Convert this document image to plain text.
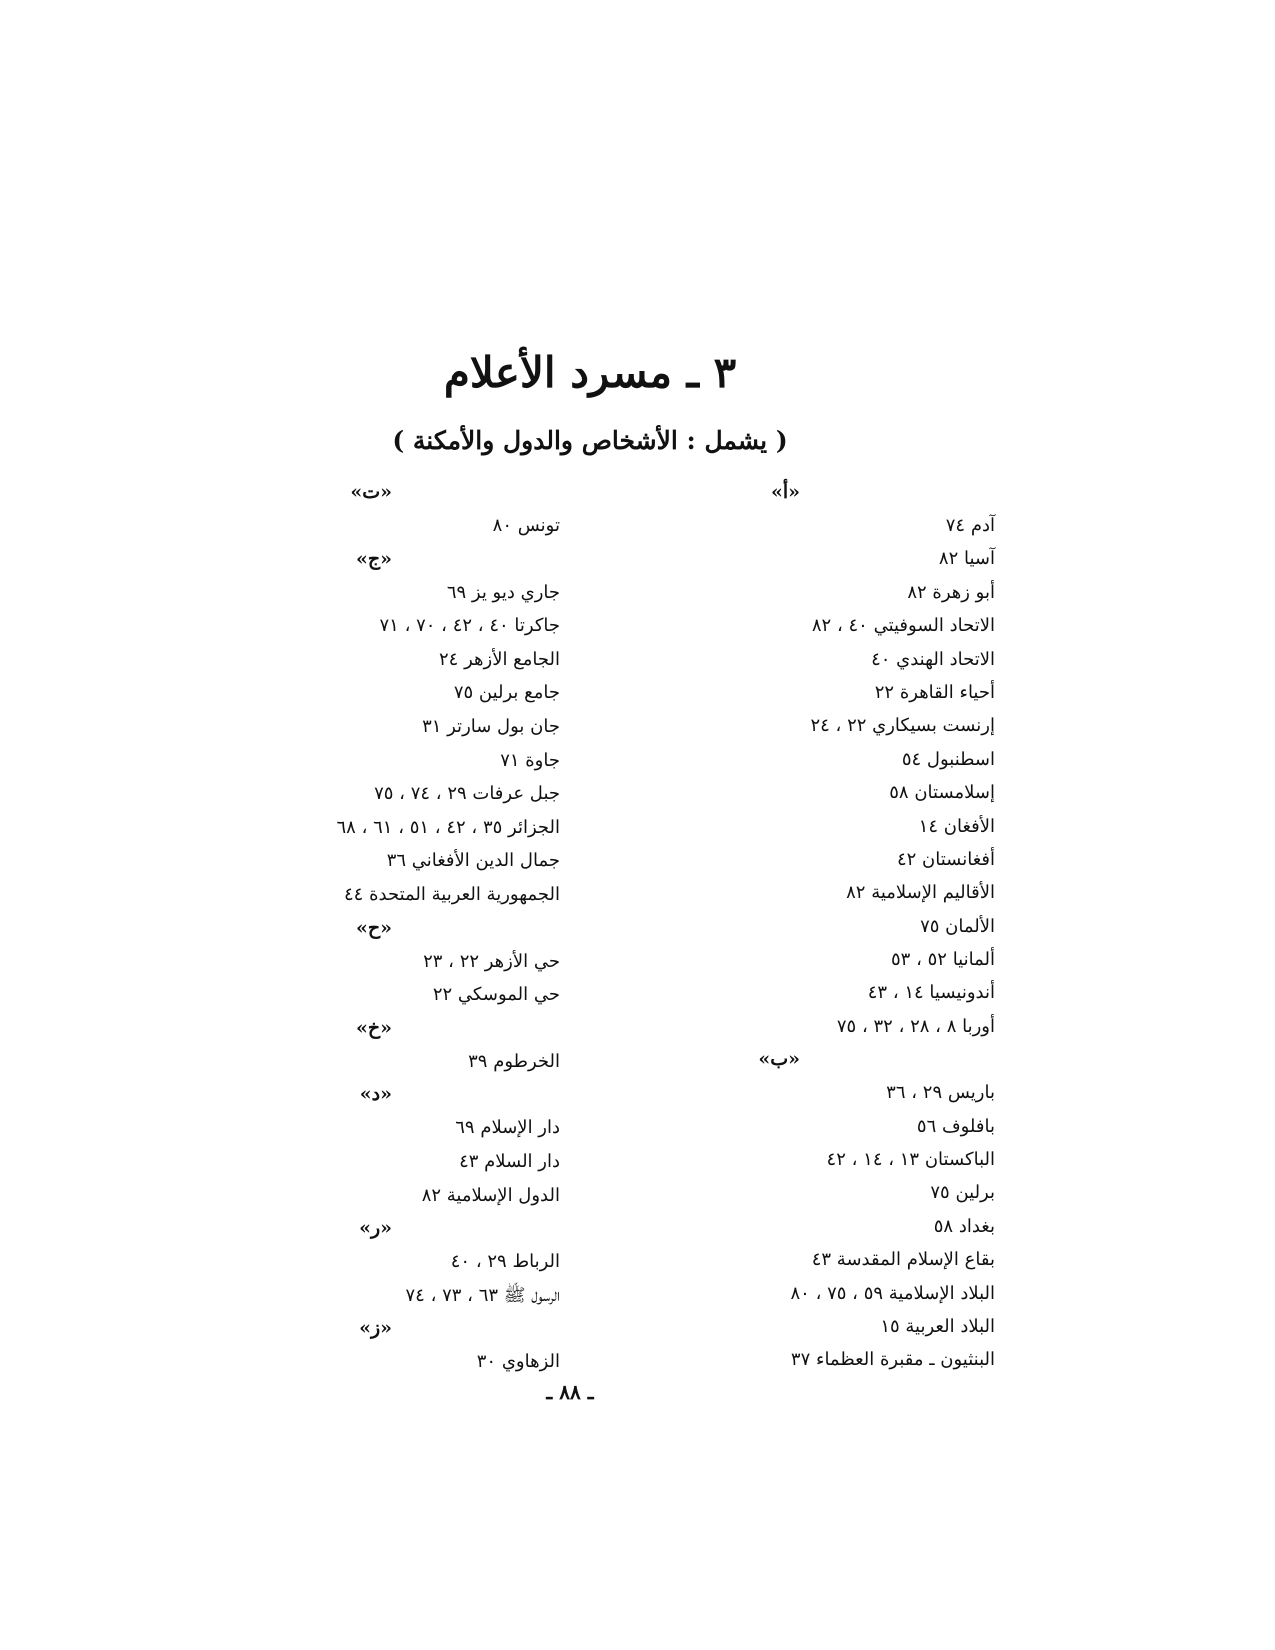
٣ ـ مسرد الأعلام
( يشمل : الأشخاص والدول والأمكنة )
«أ»
آدم ٧٤
آسيا ٨٢
أبو زهرة ٨٢
الاتحاد السوفيتي ٤٠ ، ٨٢
الاتحاد الهندي ٤٠
أحياء القاهرة ٢٢
إرنست بسيكاري ٢٢ ، ٢٤
اسطنبول ٥٤
إسلامستان ٥٨
الأفغان ١٤
أفغانستان ٤٢
الأقاليم الإسلامية ٨٢
الألمان ٧٥
ألمانيا ٥٢ ، ٥٣
أندونيسيا ١٤ ، ٤٣
أوربا ٨ ، ٢٨ ، ٣٢ ، ٧٥
«ب»
باريس ٢٩ ، ٣٦
بافلوف ٥٦
الباكستان ١٣ ، ١٤ ، ٤٢
برلين ٧٥
بغداد ٥٨
بقاع الإسلام المقدسة ٤٣
البلاد الإسلامية ٥٩ ، ٧٥ ، ٨٠
البلاد العربية ١٥
البنثيون ـ مقبرة العظماء ٣٧
«ت»
تونس ٨٠
«ج»
جاري ديو يز ٦٩
جاكرتا ٤٠ ، ٤٢ ، ٧٠ ، ٧١
الجامع الأزهر ٢٤
جامع برلين ٧٥
جان بول سارتر ٣١
جاوة ٧١
جبل عرفات ٢٩ ، ٧٤ ، ٧٥
الجزائر ٣٥ ، ٤٢ ، ٥١ ، ٦١ ، ٦٨
جمال الدين الأفغاني ٣٦
الجمهورية العربية المتحدة ٤٤
«ح»
حي الأزهر ٢٢ ، ٢٣
حي الموسكي ٢٢
«خ»
الخرطوم ٣٩
«د»
دار الإسلام ٦٩
دار السلام ٤٣
الدول الإسلامية ٨٢
«ر»
الرباط ٢٩ ، ٤٠
الرسول ﷺ ٦٣ ، ٧٣ ، ٧٤
«ز»
الزهاوي ٣٠
ـ ٨٨ ـ
